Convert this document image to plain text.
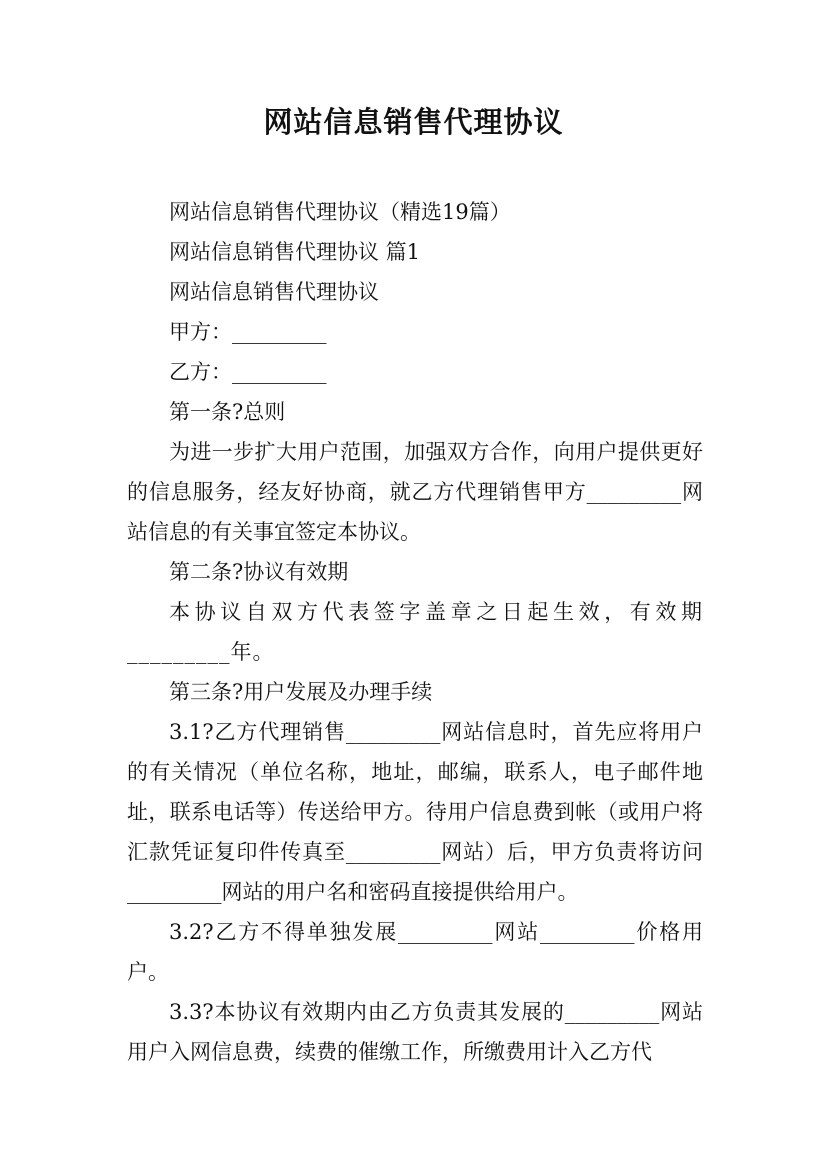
网站信息销售代理协议

网站信息销售代理协议（精选19篇）

网站信息销售代理协议 篇1

网站信息销售代理协议

甲方：_________

乙方：_________

第一条?总则

为进一步扩大用户范围，加强双方合作，向用户提供更好的信息服务，经友好协商，就乙方代理销售甲方_________网站信息的有关事宜签定本协议。

第二条?协议有效期

本协议自双方代表签字盖章之日起生效，有效期_________年。

第三条?用户发展及办理手续

3.1?乙方代理销售_________网站信息时，首先应将用户的有关情况（单位名称，地址，邮编，联系人，电子邮件地址，联系电话等）传送给甲方。待用户信息费到帐（或用户将汇款凭证复印件传真至_________网站）后，甲方负责将访问_________网站的用户名和密码直接提供给用户。

3.2?乙方不得单独发展_________网站_________价格用户。

3.3?本协议有效期内由乙方负责其发展的_________网站用户入网信息费，续费的催缴工作，所缴费用计入乙方代
